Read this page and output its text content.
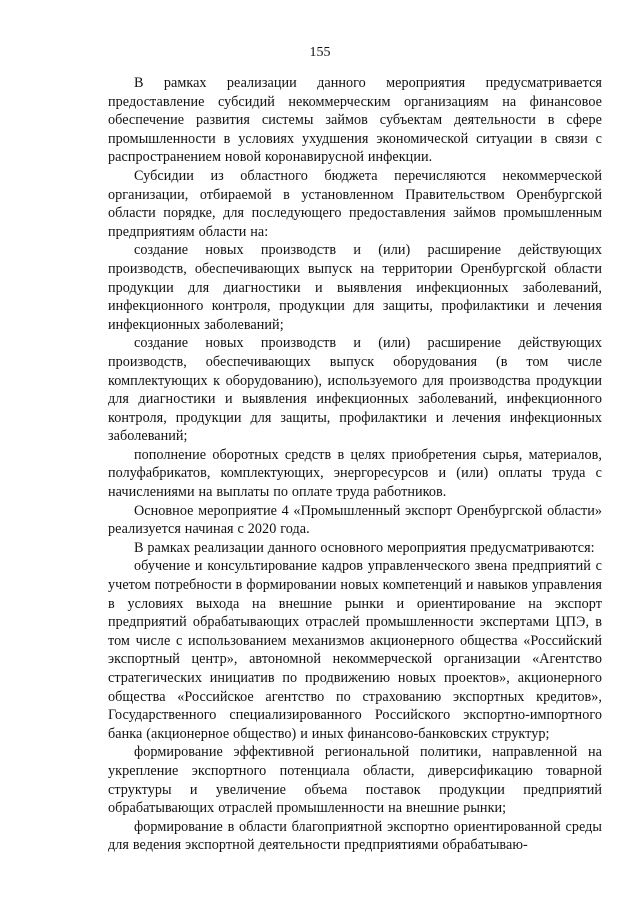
155

В рамках реализации данного мероприятия предусматривается предоставление субсидий некоммерческим организациям на финансовое обеспечение развития системы займов субъектам деятельности в сфере промышленности в условиях ухудшения экономической ситуации в связи с распространением новой коронавирусной инфекции.

Субсидии из областного бюджета перечисляются некоммерческой организации, отбираемой в установленном Правительством Оренбургской области порядке, для последующего предоставления займов промышленным предприятиям области на:

создание новых производств и (или) расширение действующих производств, обеспечивающих выпуск на территории Оренбургской области продукции для диагностики и выявления инфекционных заболеваний, инфекционного контроля, продукции для защиты, профилактики и лечения инфекционных заболеваний;

создание новых производств и (или) расширение действующих производств, обеспечивающих выпуск оборудования (в том числе комплектующих к оборудованию), используемого для производства продукции для диагностики и выявления инфекционных заболеваний, инфекционного контроля, продукции для защиты, профилактики и лечения инфекционных заболеваний;

пополнение оборотных средств в целях приобретения сырья, материалов, полуфабрикатов, комплектующих, энергоресурсов и (или) оплаты труда с начислениями на выплаты по оплате труда работников.

Основное мероприятие 4 «Промышленный экспорт Оренбургской области» реализуется начиная с 2020 года.

В рамках реализации данного основного мероприятия предусматриваются:

обучение и консультирование кадров управленческого звена предприятий с учетом потребности в формировании новых компетенций и навыков управления в условиях выхода на внешние рынки и ориентирование на экспорт предприятий обрабатывающих отраслей промышленности экспертами ЦПЭ, в том числе с использованием механизмов акционерного общества «Российский экспортный центр», автономной некоммерческой организации «Агентство стратегических инициатив по продвижению новых проектов», акционерного общества «Российское агентство по страхованию экспортных кредитов», Государственного специализированного Российского экспортно-импортного банка (акционерное общество) и иных финансово-банковских структур;

формирование эффективной региональной политики, направленной на укрепление экспортного потенциала области, диверсификацию товарной структуры и увеличение объема поставок продукции предприятий обрабатывающих отраслей промышленности на внешние рынки;

формирование в области благоприятной экспортно ориентированной среды для ведения экспортной деятельности предприятиями обрабатываю-
